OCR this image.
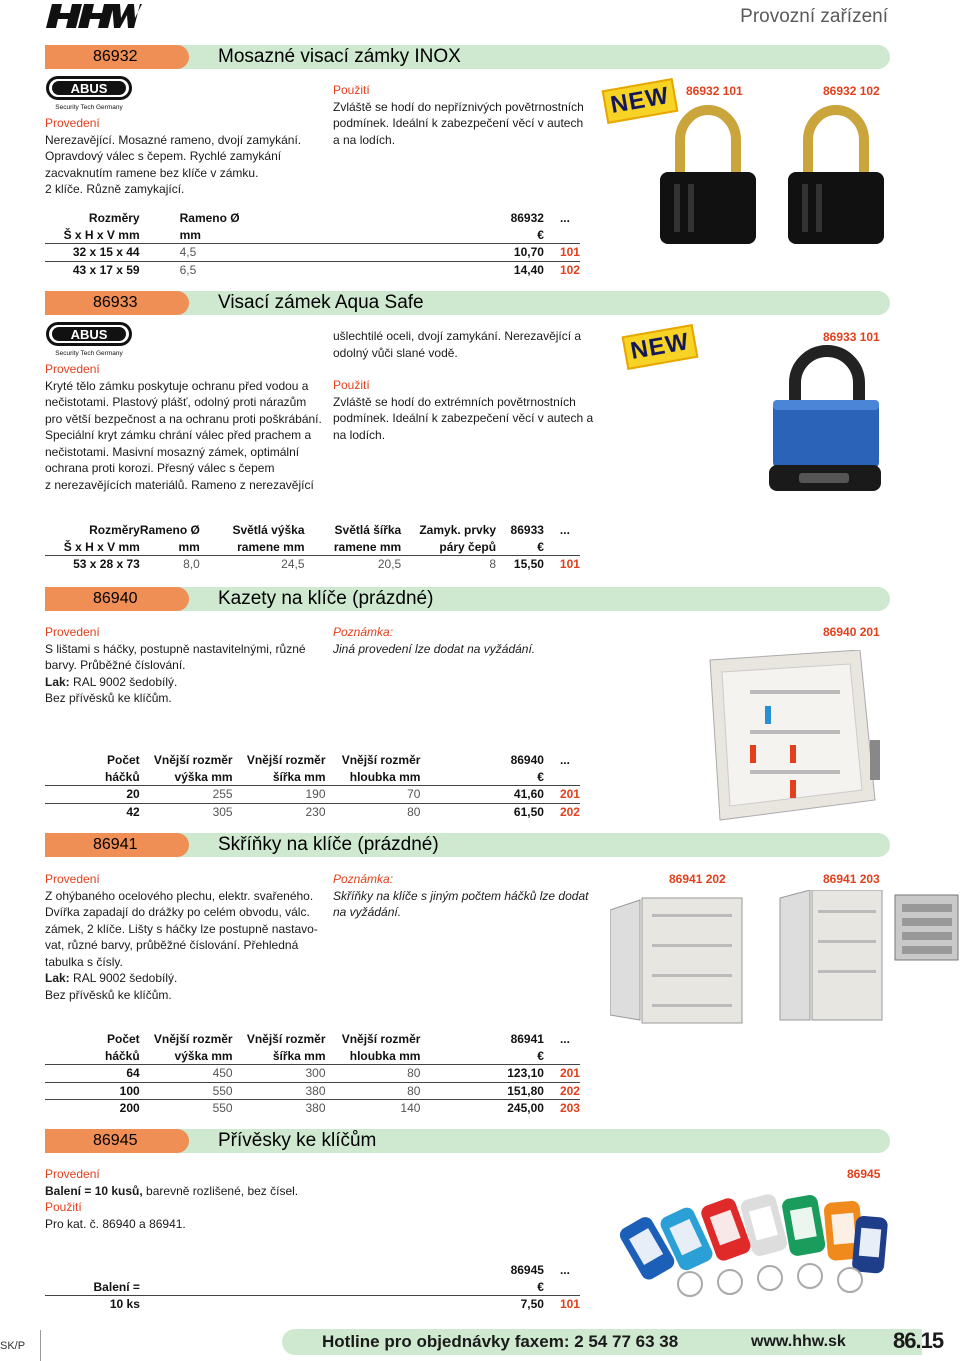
Provozní zařízení
86932	Mosazné visací zámky INOX
ABUS
Security Tech Germany
Provedení
Nerezavějící. Mosazné rameno, dvojí zamykání.
Opravdový válec s čepem. Rychlé zamykání
zacvaknutím ramene bez klíče v zámku.
2 klíče. Různě zamykající.
Použití
Zvláště se hodí do nepříznivých povětrnostních
podmínek. Ideální k zabezpečení věcí v autech
a na lodích.
NEW	86932 101	86932 102
Rozměry	Rameno Ø	86932	...
Š x H x V mm	mm	€	
32 x 15 x 44	4,5	10,70	101
43 x 17 x 59	6,5	14,40	102
86933	Visací zámek Aqua Safe
ABUS
Security Tech Germany
Provedení
Kryté tělo zámku poskytuje ochranu před vodou a
nečistotami. Plastový plášť, odolný proti nárazům
pro větší bezpečnost a na ochranu proti poškrábání.
Speciální kryt zámku chrání válec před prachem a
nečistotami. Masivní mosazný zámek, optimální
ochrana proti korozi. Přesný válec s čepem
z nerezavějících materiálů. Rameno z nerezavějící
ušlechtilé oceli, dvojí zamykání. Nerezavějící a
odolný vůči slané vodě.
Použití
Zvláště se hodí do extrémních povětrnostních
podmínek. Ideální k zabezpečení věcí v autech a
na lodích.
NEW	86933 101
Rozměry	Rameno Ø	Světlá výška	Světlá šířka	Zamyk. prvky	86933	...
Š x H x V mm	mm	ramene mm	ramene mm	páry čepů	€	
53 x 28 x 73	8,0	24,5	20,5	8	15,50	101
86940	Kazety na klíče (prázdné)
Provedení
S lištami s háčky, postupně nastavitelnými, různé
barvy. Průběžné číslování.
Lak: RAL 9002 šedobílý.
Bez přívěsků ke klíčům.
Poznámka:
Jiná provedení lze dodat na vyžádání.
86940 201
Počet	Vnější rozměr	Vnější rozměr	Vnější rozměr	86940	...
háčků	výška mm	šířka mm	hloubka mm	€	
20	255	190	70	41,60	201
42	305	230	80	61,50	202
86941	Skříňky na klíče (prázdné)
Provedení
Z ohýbaného ocelového plechu, elektr. svařeného.
Dvířka zapadají do drážky po celém obvodu, válc.
zámek, 2 klíče. Lišty s háčky lze postupně nastavo-
vat, různé barvy, průběžné číslování. Přehledná
tabulka s čísly.
Lak: RAL 9002 šedobílý.
Bez přívěsků ke klíčům.
Poznámka:
Skříňky na klíče s jiným počtem háčků lze dodat
na vyžádání.
86941 202	86941 203
Počet	Vnější rozměr	Vnější rozměr	Vnější rozměr	86941	...
háčků	výška mm	šířka mm	hloubka mm	€	
64	450	300	80	123,10	201
100	550	380	80	151,80	202
200	550	380	140	245,00	203
86945	Přívěsky ke klíčům
Provedení
Balení = 10 kusů, barevně rozlišené, bez čísel.
Použití
Pro kat. č. 86940 a 86941.
86945
	86945	...
Balení =	€	
10 ks	7,50	101
SK/P	Hotline pro objednávky faxem: 2 54 77 63 38	www.hhw.sk 86.15
